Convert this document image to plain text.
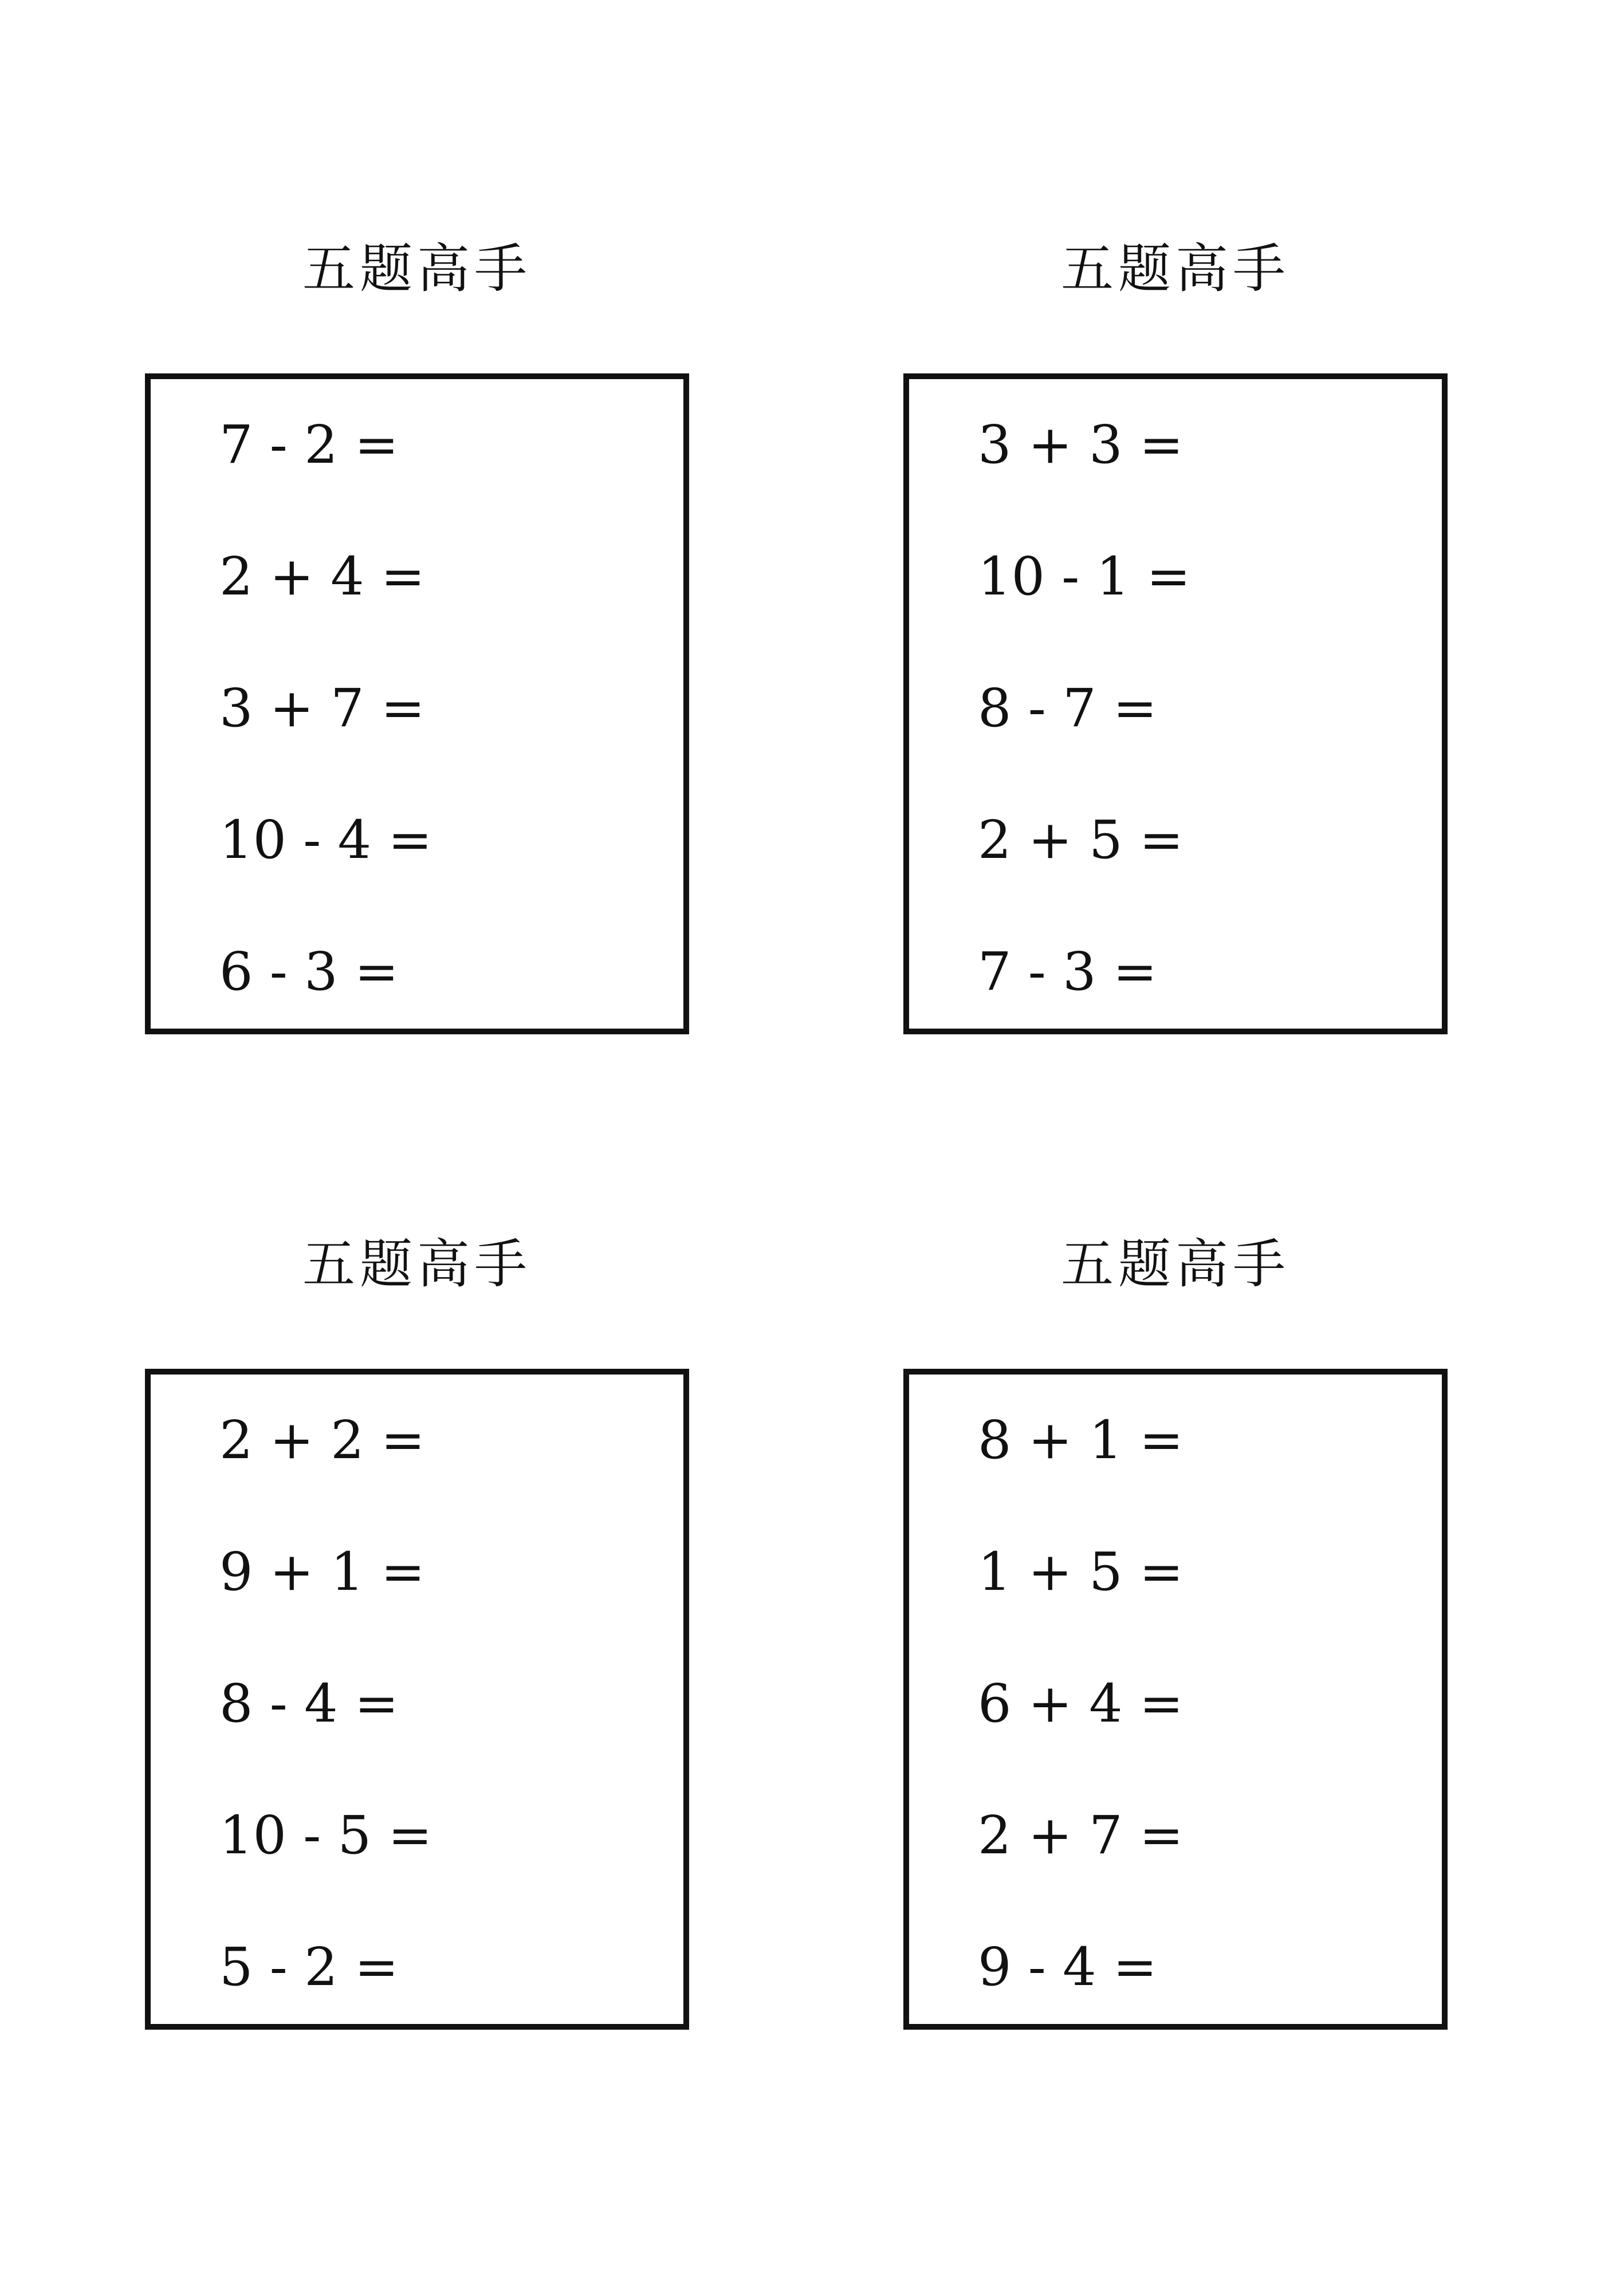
五题高手
7 - 2 =
2 + 4 =
3 + 7 =
10 - 4 =
6 - 3 =
五题高手
3 + 3 =
10 - 1 =
8 - 7 =
2 + 5 =
7 - 3 =
五题高手
2 + 2 =
9 + 1 =
8 - 4 =
10 - 5 =
5 - 2 =
五题高手
8 + 1 =
1 + 5 =
6 + 4 =
2 + 7 =
9 - 4 =
